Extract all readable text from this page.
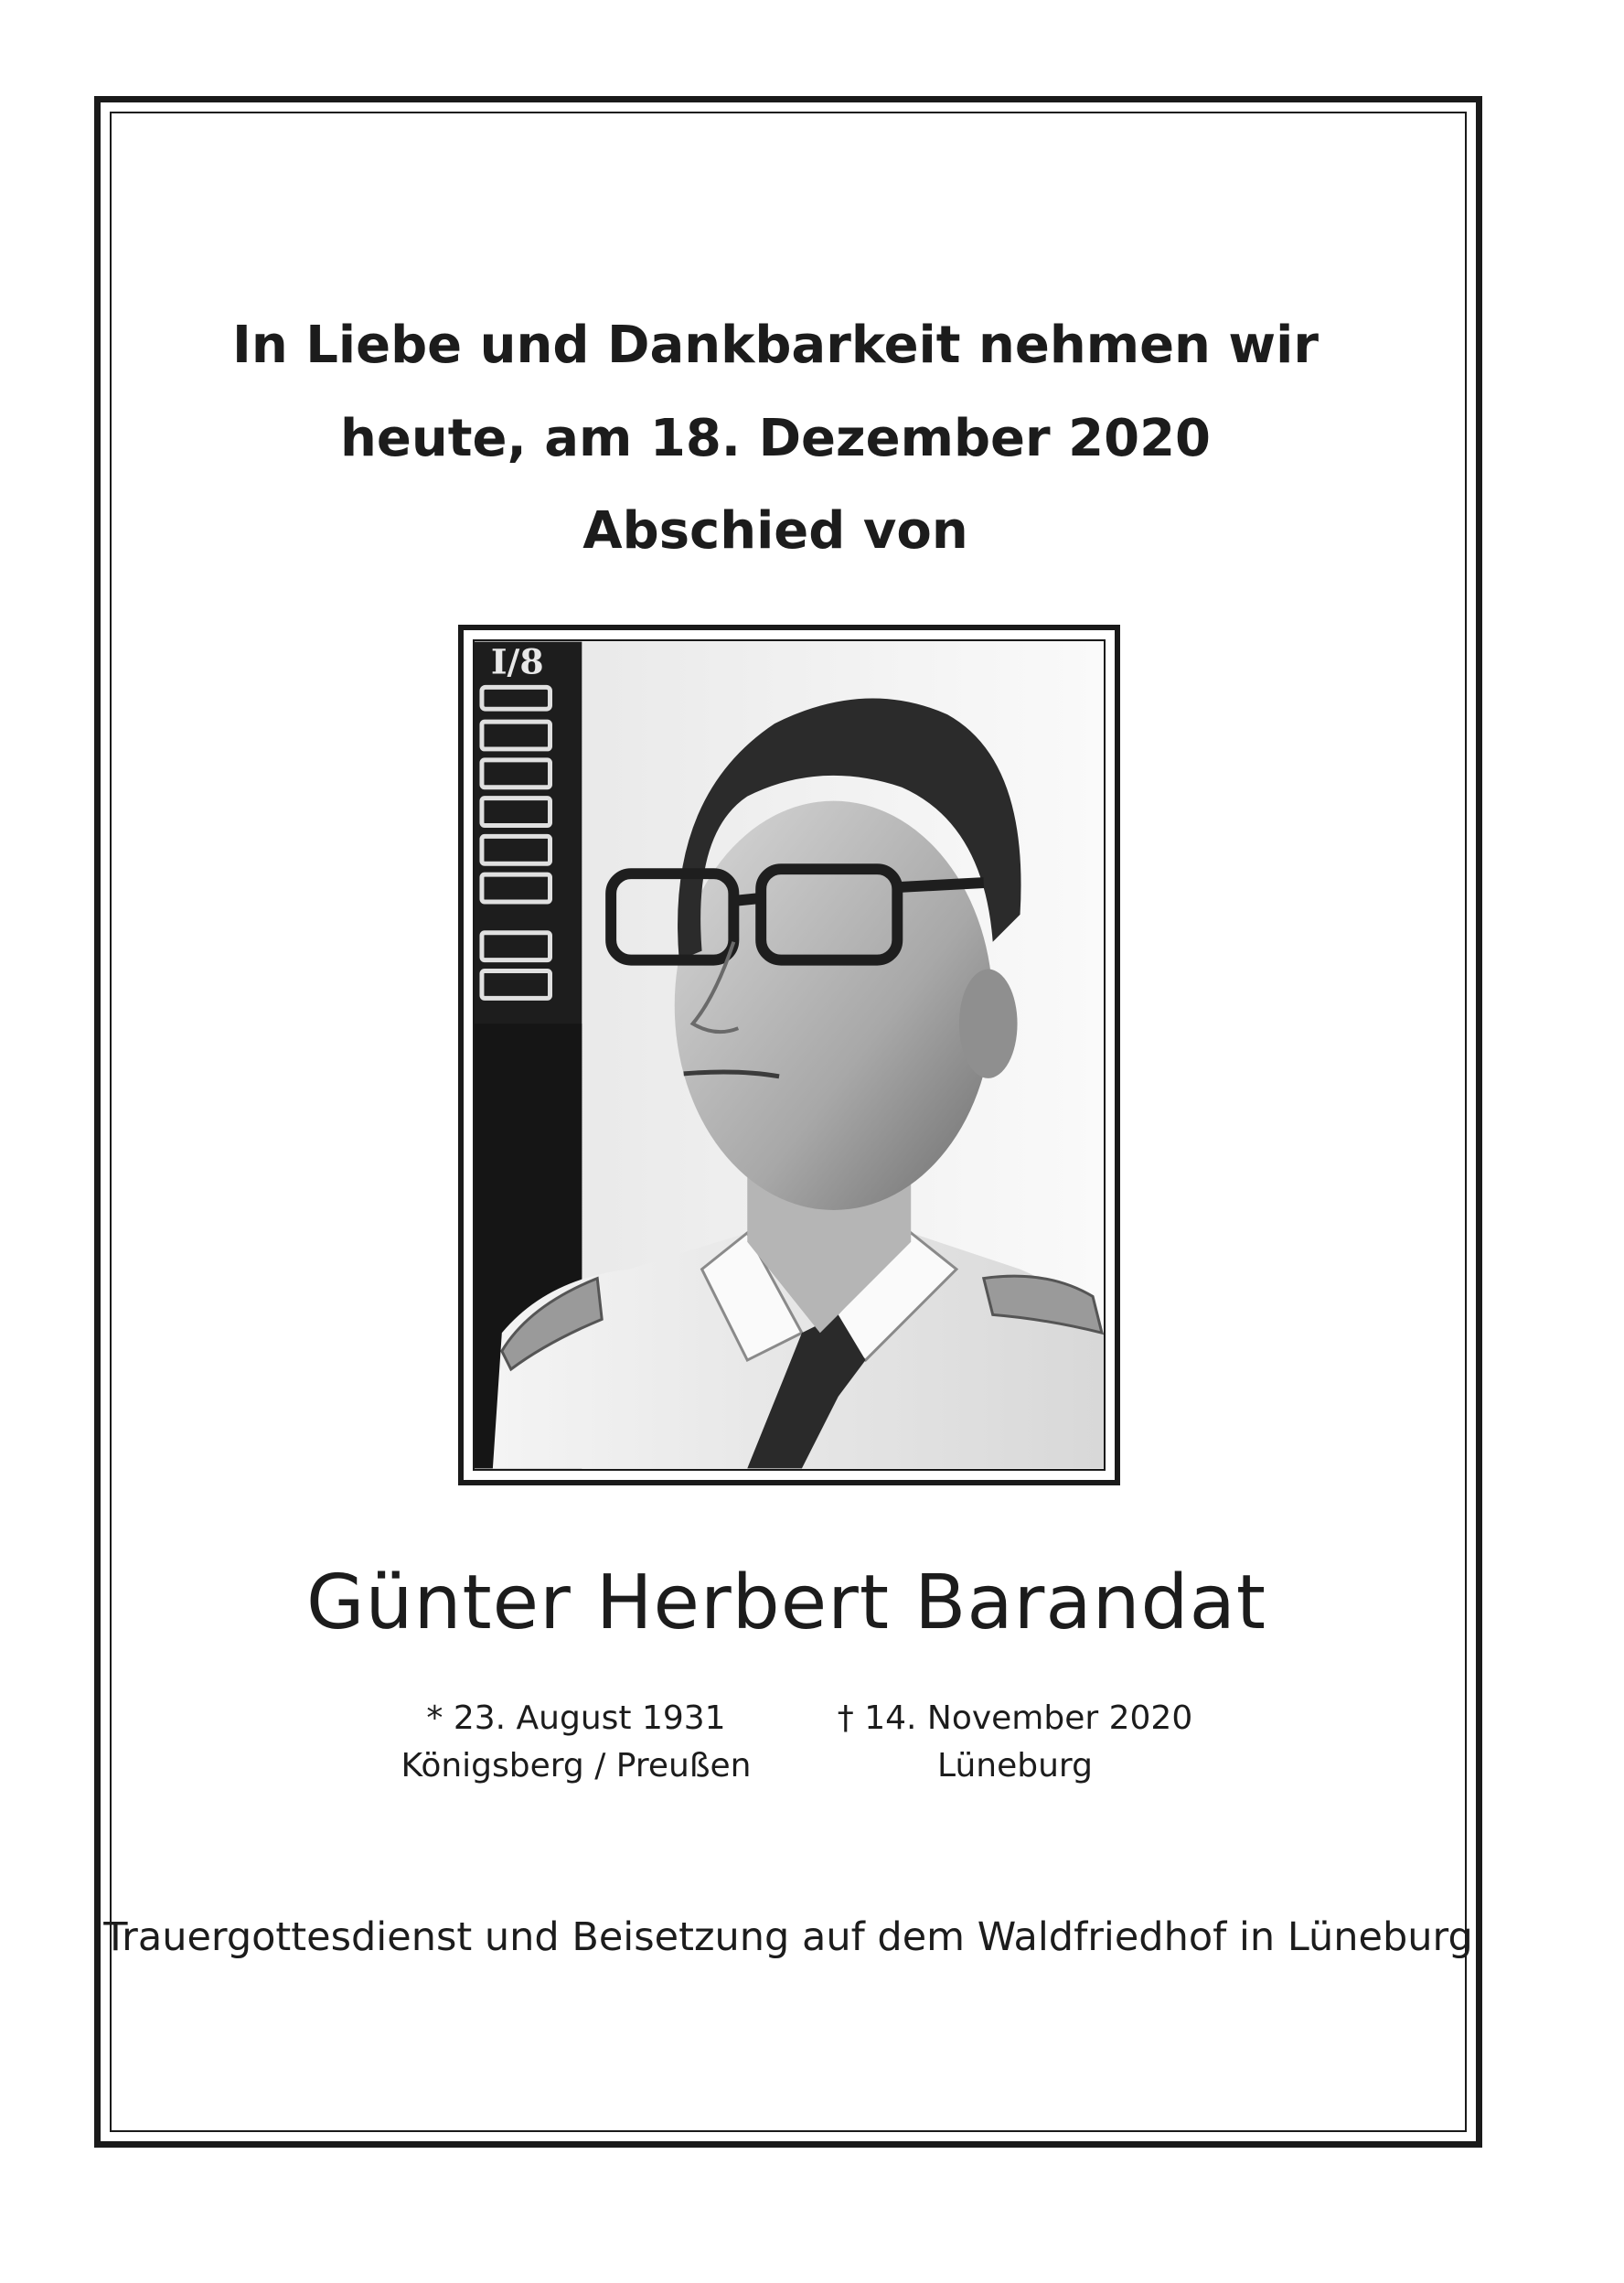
In Liebe und Dankbarkeit nehmen wir
heute, am 18. Dezember 2020
Abschied von
I/8
Günter Herbert Barandat
* 23. August 1931
Königsberg / Preußen
† 14. November 2020
Lüneburg
Trauergottesdienst und Beisetzung auf dem Waldfriedhof in Lüneburg
